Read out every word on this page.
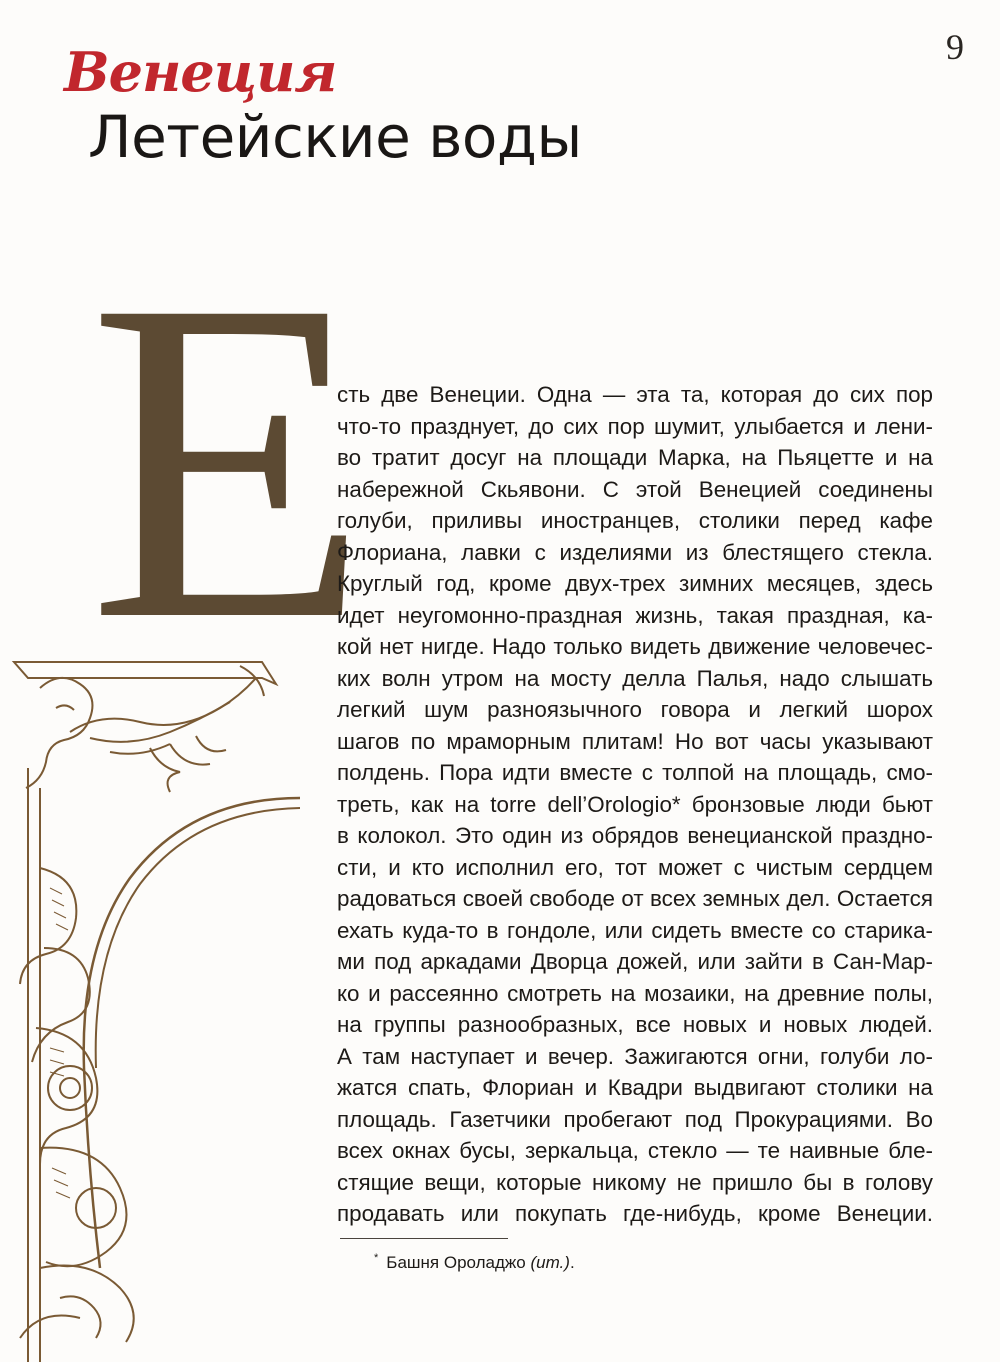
9
Венеция
Летейские воды
Е
сть две Венеции. Одна — эта та, которая до сих пор
что-то празднует, до сих пор шумит, улыбается и лени-
во тратит досуг на площади Марка, на Пьяцетте и на
набережной Скьявони. С этой Венецией соединены
голуби, приливы иностранцев, столики перед кафе
Флориана, лавки с изделиями из блестящего стекла.
Круглый год, кроме двух-трех зимних месяцев, здесь
идет неугомонно-праздная жизнь, такая праздная, ка-
кой нет нигде. Надо только видеть движение человечес-
ких волн утром на мосту делла Палья, надо слышать
легкий шум разноязычного говора и легкий шорох
шагов по мраморным плитам! Но вот часы указывают
полдень. Пора идти вместе с толпой на площадь, смо-
треть, как на torre dell’Orologio* бронзовые люди бьют
в колокол. Это один из обрядов венецианской праздно-
сти, и кто исполнил его, тот может с чистым сердцем
радоваться своей свободе от всех земных дел. Остается
ехать куда-то в гондоле, или сидеть вместе со старика-
ми под аркадами Дворца дожей, или зайти в Сан-Мар-
ко и рассеянно смотреть на мозаики, на древние полы,
на группы разнообразных, все новых и новых людей.
А там наступает и вечер. Зажигаются огни, голуби ло-
жатся спать, Флориан и Квадри выдвигают столики на
площадь. Газетчики пробегают под Прокурациями. Во
всех окнах бусы, зеркальца, стекло — те наивные бле-
стящие вещи, которые никому не пришло бы в голову
продавать или покупать где-нибудь, кроме Венеции.
* Башня Ороладжо (ит.).
